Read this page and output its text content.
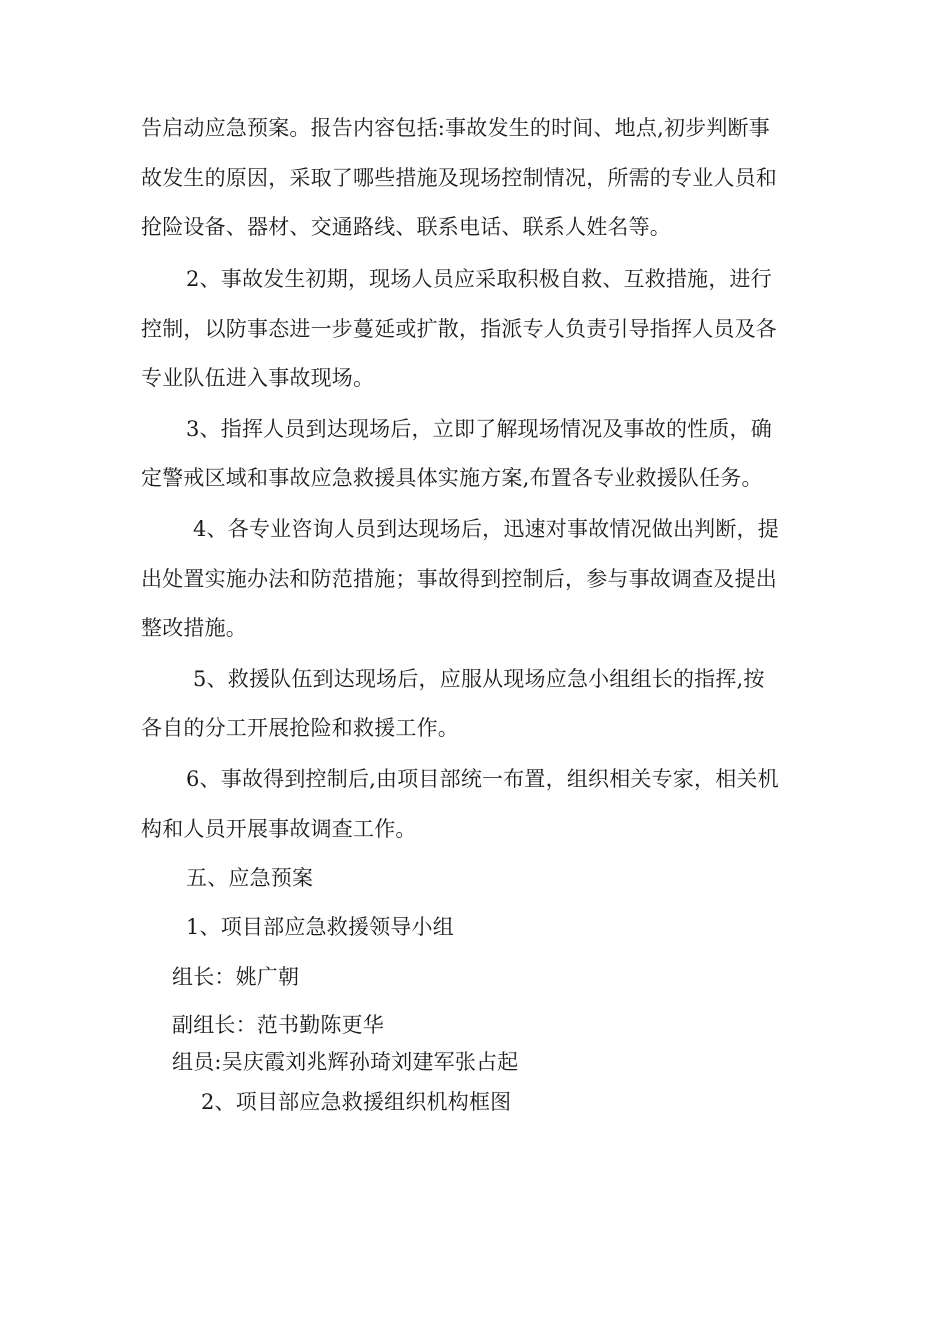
告启动应急预案。报告内容包括:事故发生的时间、地点,初步判断事
故发生的原因，采取了哪些措施及现场控制情况，所需的专业人员和
抢险设备、器材、交通路线、联系电话、联系人姓名等。
2、事故发生初期，现场人员应采取积极自救、互救措施，进行
控制，以防事态进一步蔓延或扩散，指派专人负责引导指挥人员及各
专业队伍进入事故现场。
3、指挥人员到达现场后，立即了解现场情况及事故的性质，确
定警戒区域和事故应急救援具体实施方案,布置各专业救援队任务。
4、各专业咨询人员到达现场后，迅速对事故情况做出判断，提
出处置实施办法和防范措施；事故得到控制后，参与事故调查及提出
整改措施。
5、救援队伍到达现场后，应服从现场应急小组组长的指挥,按
各自的分工开展抢险和救援工作。
6、事故得到控制后,由项目部统一布置，组织相关专家，相关机
构和人员开展事故调查工作。
五、应急预案
1、项目部应急救援领导小组
组长：姚广朝
副组长：范书勤陈更华
组员:吴庆霞刘兆辉孙琦刘建军张占起
2、项目部应急救援组织机构框图
